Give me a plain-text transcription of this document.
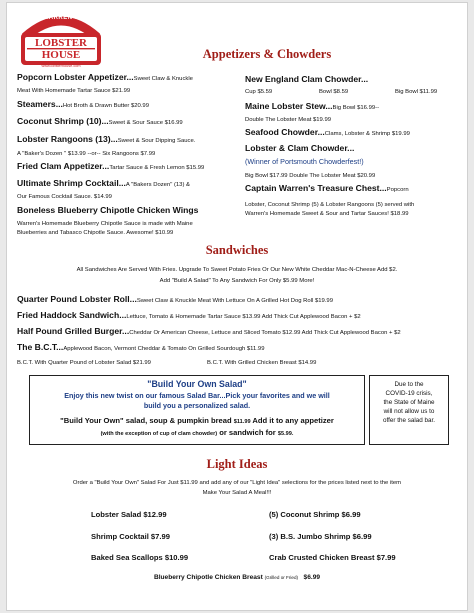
WARREN'S
LOBSTER
HOUSE
www.lobsterhouse.com
Appetizers & Chowders
Popcorn Lobster Appetizer...Sweet Claw & Knuckle
Meat With Homemade Tartar Sauce $21.99
Steamers...Hot Broth & Drawn Butter $20.99
Coconut Shrimp (10)...Sweet & Sour Sauce $16.99
Lobster Rangoons (13)...Sweet & Sour Dipping Sauce.
A "Baker's Dozen " $13.99 --or-- Six Rangoons $7.99
Fried Clam Appetizer...Tartar Sauce & Fresh Lemon $15.99
Ultimate Shrimp Cocktail...A "Bakers Dozen" (13) &
Our Famous Cocktail Sauce. $14.99
Boneless Blueberry Chipotle Chicken Wings
Warren's Homemade Blueberry Chipotle Sauce is made with Maine
Blueberries and Tabasco Chipotle Sauce. Awesome! $10.99
New England Clam Chowder...
Cup $5.59	Bowl $8.59	Big Bowl $11.99
Maine Lobster Stew...Big Bowl $16.99--
Double The Lobster Meat $19.99
Seafood Chowder...Clams, Lobster & Shrimp $19.99
Lobster & Clam Chowder...
(Winner of Portsmouth Chowderfest!)
Big Bowl $17.99 Double The Lobster Meat $20.99
Captain Warren's Treasure Chest...Popcorn
Lobster, Coconut Shrimp (5) & Lobster Rangoons (5) served with
Warren's Homemade Sweet & Sour and Tartar Sauces! $18.99
Sandwiches
All Sandwiches Are Served With Fries. Upgrade To Sweet Potato Fries Or Our New White Cheddar Mac-N-Cheese Add $2.
Add "Build A Salad" To Any Sandwich For Only $5.99 More!
Quarter Pound Lobster Roll...Sweet Claw & Knuckle Meat With Lettuce On A Grilled Hot Dog Roll $19.99
Fried Haddock Sandwich...Lettuce, Tomato & Homemade Tartar Sauce $13.99 Add Thick Cut Applewood Bacon + $2
Half Pound Grilled Burger...Cheddar Or American Cheese, Lettuce and Sliced Tomato $12.99 Add Thick Cut Applewood Bacon + $2
The B.C.T...Applewood Bacon, Vermont Cheddar & Tomato On Grilled Sourdough $11.99
B.C.T. With Quarter Pound of Lobster Salad $21.99	B.C.T. With Grilled Chicken Breast $14.99
"Build Your Own Salad"
Enjoy this new twist on our famous Salad Bar...Pick your favorites and we will
build you a personalized salad.
"Build Your Own" salad, soup & pumpkin bread $11.99 Add it to any appetizer
(with the exception of cup of clam chowder) or sandwich for $5.99.
Due to the
COVID-19 crisis,
the State of Maine
will not allow us to
offer the salad bar.
Light Ideas
Order a "Build Your Own" Salad For Just $11.99 and add any of our "Light Idea" selections for the prices listed next to the item
Make Your Salad A Meal!!!
Lobster Salad $12.99
Shrimp Cocktail $7.99
Baked Sea Scallops $10.99
(5) Coconut Shrimp $6.99
(3) B.S. Jumbo Shrimp $6.99
Crab Crusted Chicken Breast $7.99
Blueberry Chipotle Chicken Breast (Grilled or Fried) $6.99
